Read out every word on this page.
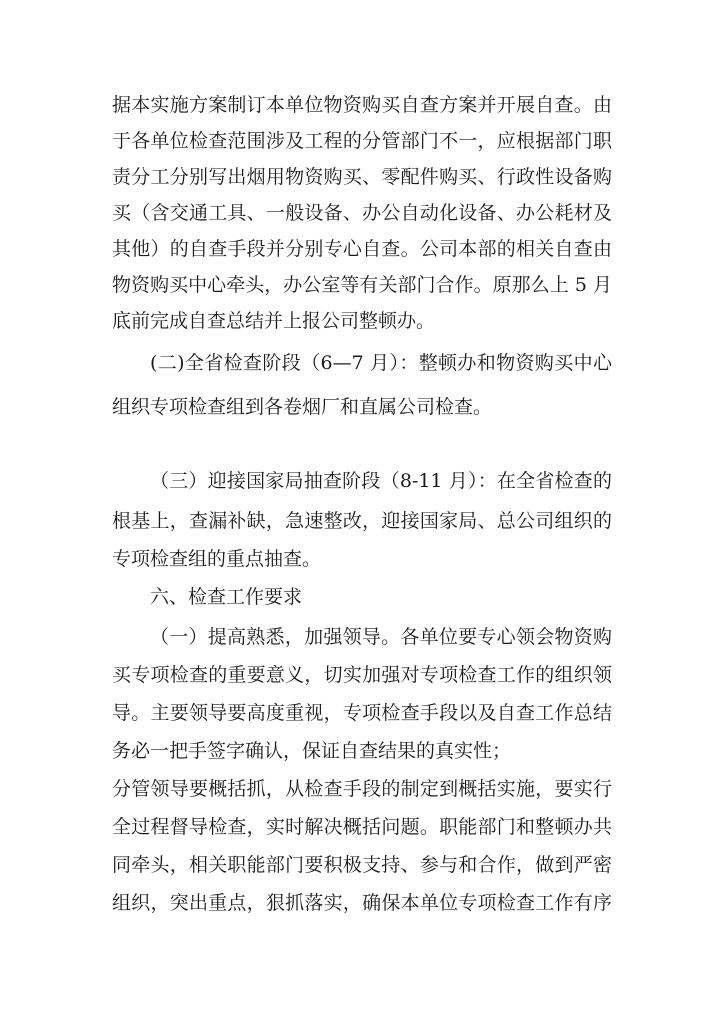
据本实施方案制订本单位物资购买自查方案并开展自查。由
于各单位检查范围涉及工程的分管部门不一，应根据部门职
责分工分别写出烟用物资购买、零配件购买、行政性设备购
买（含交通工具、一般设备、办公自动化设备、办公耗材及
其他）的自查手段并分别专心自查。公司本部的相关自查由
物资购买中心牵头，办公室等有关部门合作。原那么上 5 月
底前完成自查总结并上报公司整顿办。
(二)全省检查阶段（6—7 月）：整顿办和物资购买中心
组织专项检查组到各卷烟厂和直属公司检查。
（三）迎接国家局抽查阶段（8-11 月）：在全省检查的
根基上，查漏补缺，急速整改，迎接国家局、总公司组织的
专项检查组的重点抽查。
六、检查工作要求
（一）提高熟悉，加强领导。各单位要专心领会物资购
买专项检查的重要意义，切实加强对专项检查工作的组织领
导。主要领导要高度重视，专项检查手段以及自查工作总结
务必一把手签字确认，保证自查结果的真实性；
分管领导要概括抓，从检查手段的制定到概括实施，要实行
全过程督导检查，实时解决概括问题。职能部门和整顿办共
同牵头，相关职能部门要积极支持、参与和合作，做到严密
组织，突出重点，狠抓落实，确保本单位专项检查工作有序
